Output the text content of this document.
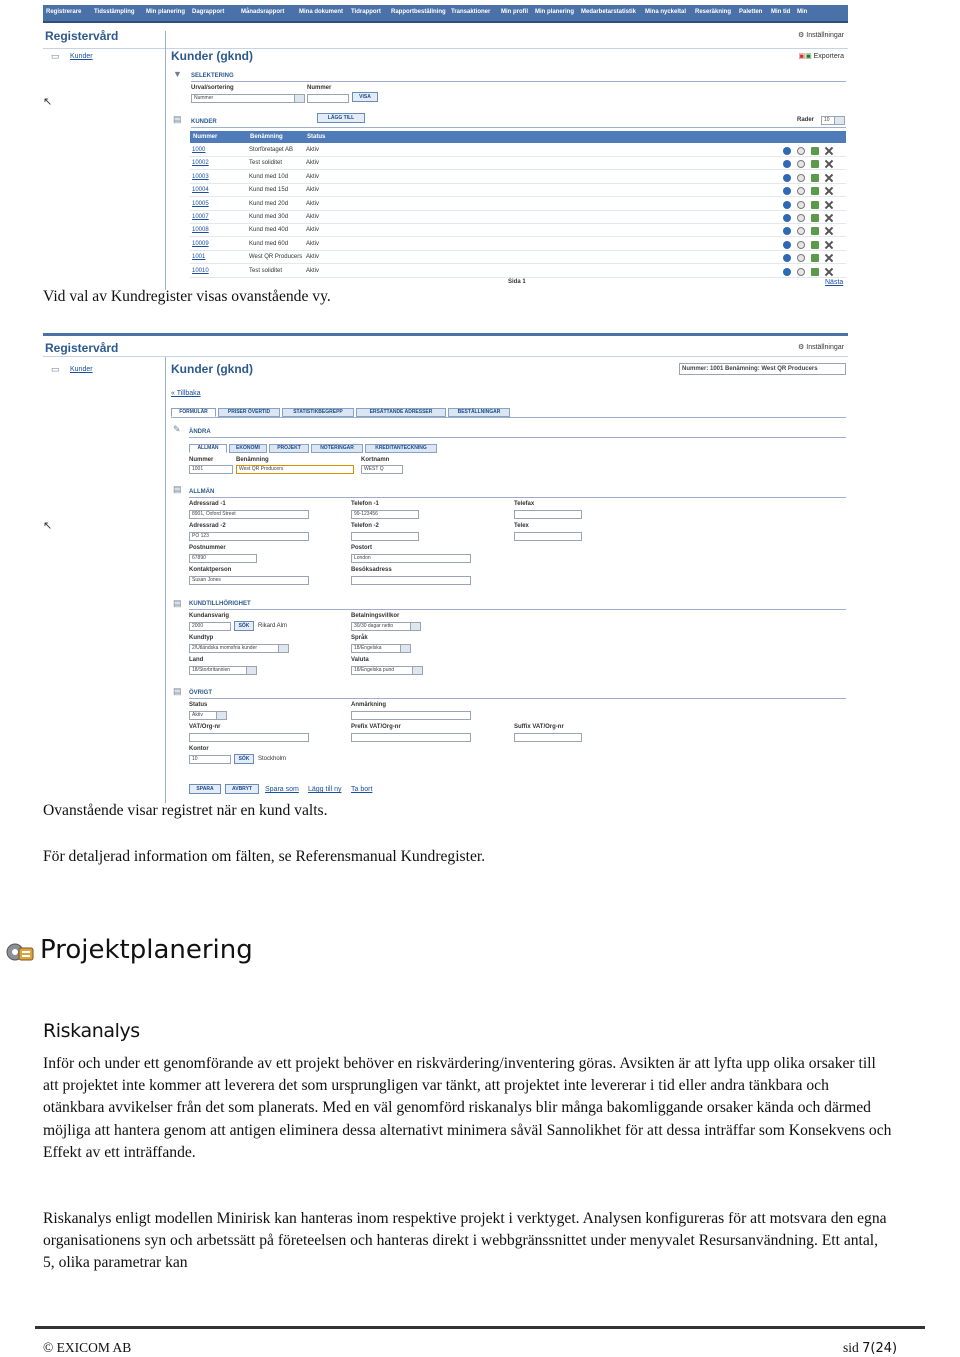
Registrerare Tidsstämpling Min planering Dagrapport	Månadsrapport Mina dokument Tidrapport Rapportbeställning Transaktioner Min profil Min planering Medarbetarstatistik Mina nyckeltal Reseräkning Paletten Min tid Min
Registervård	⚙ Inställningar
▣▣ Exportera
▭ Kunder
↖
Kunder (gknd)
▼ SELEKTERING
Urval/sortering
Nummer
Nummer
VISA
LÄGG TILL
▤ KUNDER	Rader	10
Nummer	Benämning	Status
1000	Storföretaget AB Aktiv
10002	Test soliditet	Aktiv
10003	Kund med 10d	Aktiv
10004	Kund med 15d	Aktiv
10005	Kund med 20d	Aktiv
10007	Kund med 30d	Aktiv
10008	Kund med 40d	Aktiv
10009	Kund med 60d	Aktiv
1001	West QR Producers Aktiv
10010	Test soliditet	Aktiv
Sida 1	Nästa
Vid val av Kundregister visas ovanstående vy.
Registervård	⚙ Inställningar
▭ Kunder
↖
Kunder (gknd)	Nummer: 1001 Benämning: West QR Producers
« Tillbaka
FORMULÄR	PRISER ÖVERTID	STATISTIKBEGREPP	ERSÄTTANDE ADRESSER	BESTÄLLNINGAR
✎ ÄNDRA
ALLMÄN	EKONOMI	PROJEKT	NOTERINGAR	KREDITANTECKNING
Nummer
1001
Benämning
West QR Producers
Kortnamn
WEST Q
▤ ALLMÄN
Adressrad -1
8901, Oxford Street
Adressrad -2
PO 123
Postnummer
67890
Kontaktperson
Susan Jones
Telefon -1
99-123456
Telefon -2
Postort
London
Besöksadress
Telefax
Telex
▤ KUNDTILLHÖRIGHET
Kundansvarig
2000	SÖK	Rikard Alm
Kundtyp
2/Utländska momsfria kunder
Land
18/Storbritannien
Betalningsvillkor
30/30 dagar netto
Språk
18/Engelska
Valuta
18/Engelska pund
▤ ÖVRIGT
Status
Aktiv
VAT/Org-nr
Kontor
10	SÖK	Stockholm
Anmärkning
Prefix VAT/Org-nr	Suffix VAT/Org-nr
SPARA	AVBRYT	Spara som Lägg till ny Ta bort
Ovanstående visar registret när en kund valts.
För detaljerad information om fälten, se Referensmanual Kundregister.
Projektplanering
Riskanalys

Inför och under ett genomförande av ett projekt behöver en riskvärdering/inventering göras. Avsikten är att lyfta upp olika orsaker till att projektet inte kommer att leverera det som ursprungligen var tänkt, att projektet inte levererar i tid eller andra tänkbara och otänkbara avvikelser från det som planerats. Med en väl genomförd riskanalys blir många bakomliggande orsaker kända och därmed möjliga att hantera genom att antigen eliminera dessa alternativt minimera såväl Sannolikhet för att dessa inträffar som Konsekvens och Effekt av ett inträffande.

Riskanalys enligt modellen Minirisk kan hanteras inom respektive projekt i verktyget. Analysen konfigureras för att motsvara den egna organisationens syn och arbetssätt på företeelsen och hanteras direkt i webbgränssnittet under menyvalet Resursanvändning. Ett antal, 5, olika parametrar kan

© EXICOM AB	sid 7(24)
